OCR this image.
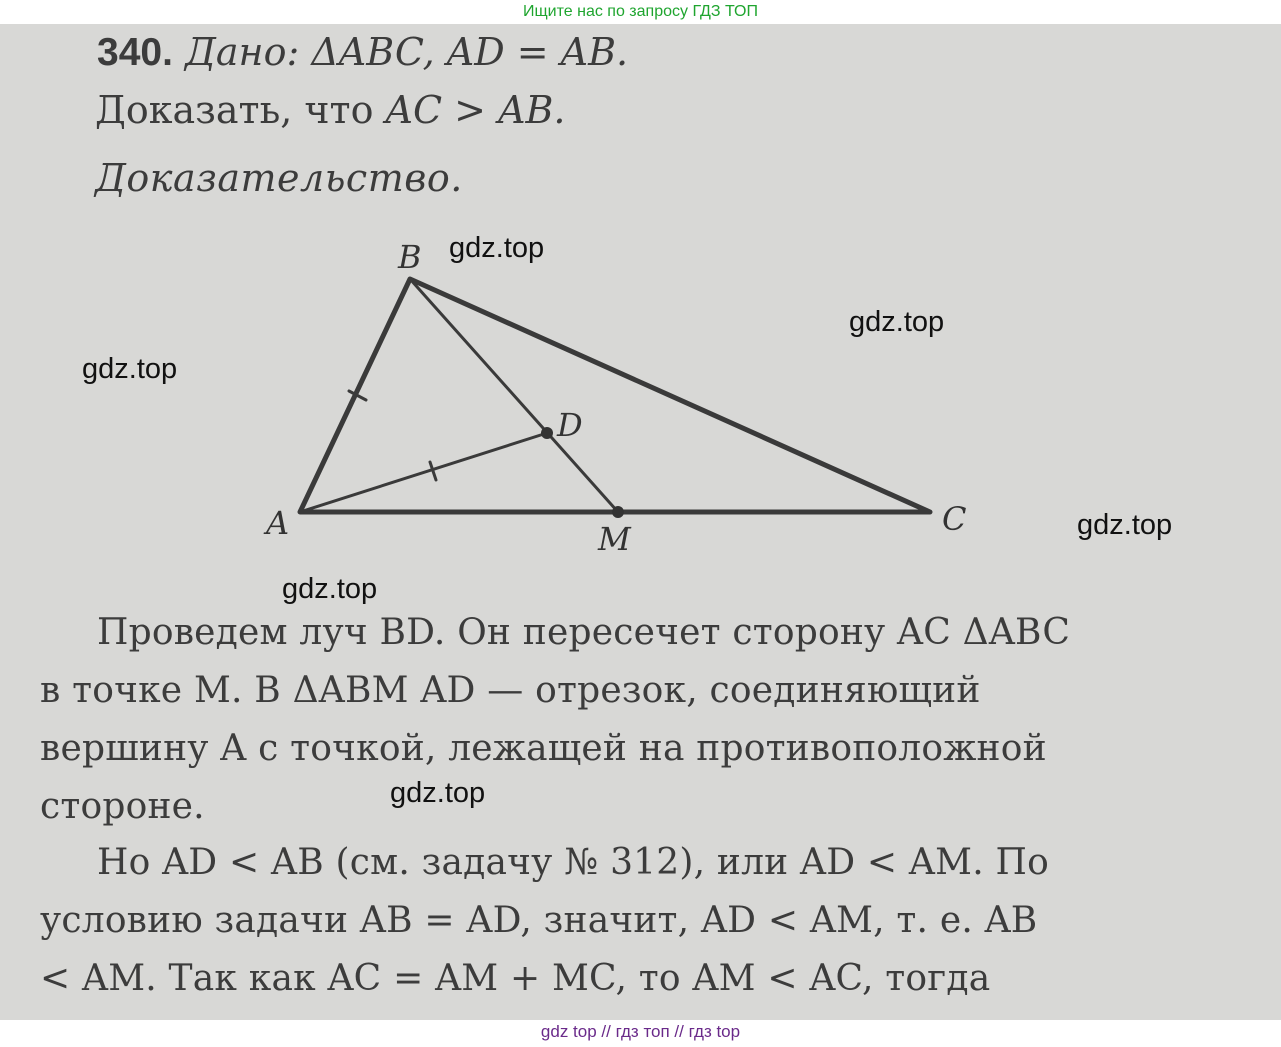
Ищите нас по запросу ГДЗ ТОП
340. Дано: ΔABC, AD = AB.
Доказать, что AC > AB.
Доказательство.
B
D
A	M
C
gdz.top
gdz.top
gdz.top
gdz.top
gdz.top
gdz.top
Проведем луч BD. Он пересечет сторону AC ΔABC
в точке M. В ΔABM AD — отрезок, соединяющий
вершину A с точкой, лежащей на противоположной
стороне.
Но AD < AB (см. задачу № 312), или AD < AM. По
условию задачи AB = AD, значит, AD < AM, т. е. AB
< AM. Так как AC = AM + MC, то AM < AC, тогда
gdz top // гдз топ // гдз top
